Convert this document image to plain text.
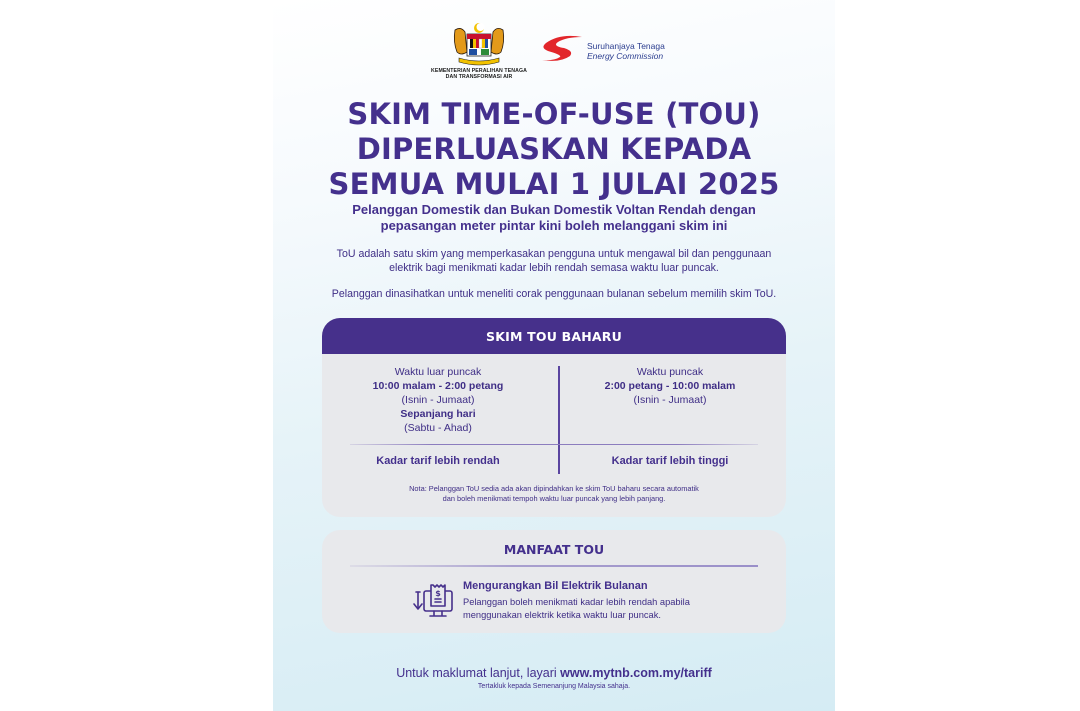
KEMENTERIAN PERALIHAN TENAGA
DAN TRANSFORMASI AIR
Suruhanjaya Tenaga
Energy Commission
SKIM TIME-OF-USE (TOU)
DIPERLUASKAN KEPADA
SEMUA MULAI 1 JULAI 2025
Pelanggan Domestik dan Bukan Domestik Voltan Rendah dengan
pepasangan meter pintar kini boleh melanggani skim ini
ToU adalah satu skim yang memperkasakan pengguna untuk mengawal bil dan penggunaan
elektrik bagi menikmati kadar lebih rendah semasa waktu luar puncak.
Pelanggan dinasihatkan untuk meneliti corak penggunaan bulanan sebelum memilih skim ToU.
SKIM TOU BAHARU
Waktu luar puncak
10:00 malam - 2:00 petang
(Isnin - Jumaat)
Sepanjang hari
(Sabtu - Ahad)
Waktu puncak
2:00 petang - 10:00 malam
(Isnin - Jumaat)
Kadar tarif lebih rendah	Kadar tarif lebih tinggi
Nota: Pelanggan ToU sedia ada akan dipindahkan ke skim ToU baharu secara automatik
dan boleh menikmati tempoh waktu luar puncak yang lebih panjang.
MANFAAT TOU
$
Mengurangkan Bil Elektrik Bulanan
Pelanggan boleh menikmati kadar lebih rendah apabila
menggunakan elektrik ketika waktu luar puncak.
Untuk maklumat lanjut, layari www.mytnb.com.my/tariff
Tertakluk kepada Semenanjung Malaysia sahaja.
